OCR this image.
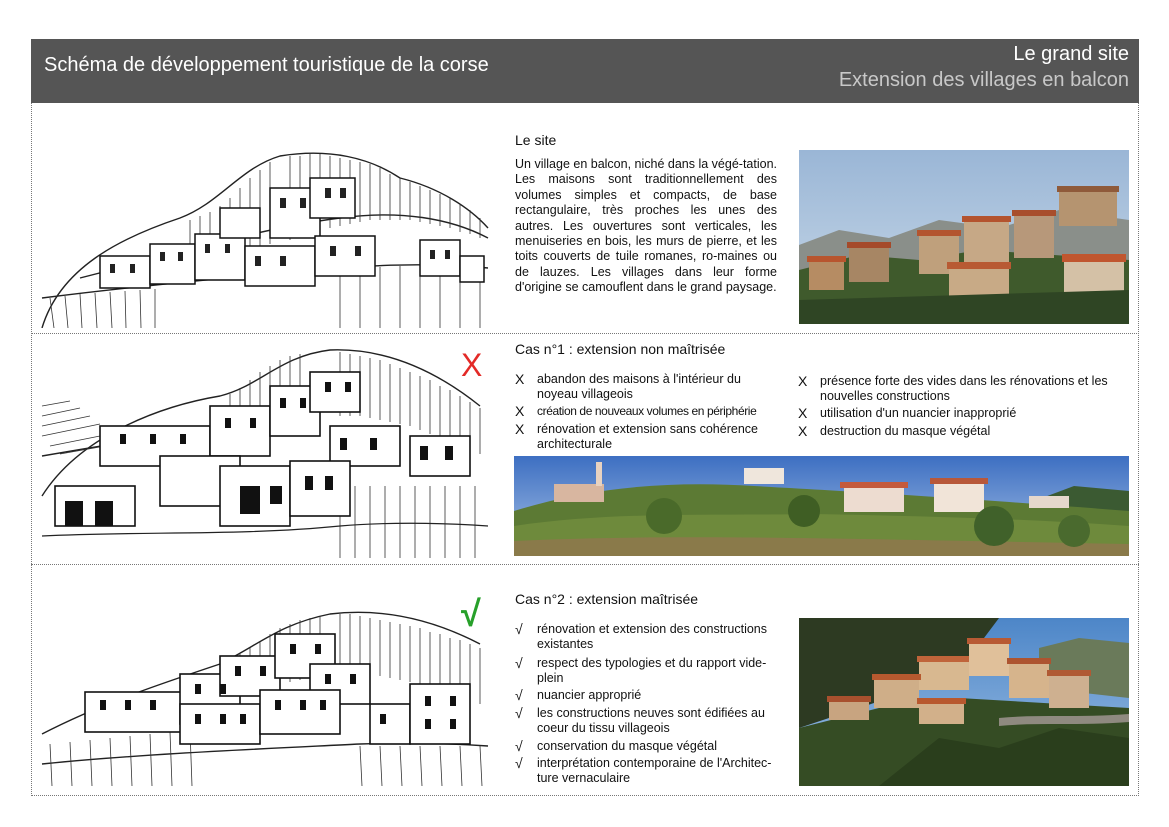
Schéma de développement touristique de la corse	Le grand site
Extension des villages en balcon
Le site
Un village en balcon, niché dans la végé-tation. Les maisons sont traditionnellement des volumes simples et compacts, de base rectangulaire, très proches les unes des autres. Les ouvertures sont verticales, les menuiseries en bois, les murs de pierre, et les toits couverts de tuile romanes, ro-maines ou de lauzes. Les villages dans leur forme d'origine se camouflent dans le grand paysage.
X Cas n°1 : extension non maîtrisée
X	abandon des maisons à l'intérieur du noyeau villageois
X	création de nouveaux volumes en périphérie
X	rénovation et extension sans cohérence architecturale
X	présence forte des vides dans les rénovations et les nouvelles constructions
X	utilisation d'un nuancier inapproprié
X	destruction du masque végétal
√ Cas n°2 : extension maîtrisée
√	rénovation et extension des constructions existantes
√	respect des typologies et du rapport vide-plein
√	nuancier approprié
√	les constructions neuves sont édifiées au coeur du tissu villageois
√	conservation du masque végétal
√	interprétation contemporaine de l'Architec-ture vernaculaire
